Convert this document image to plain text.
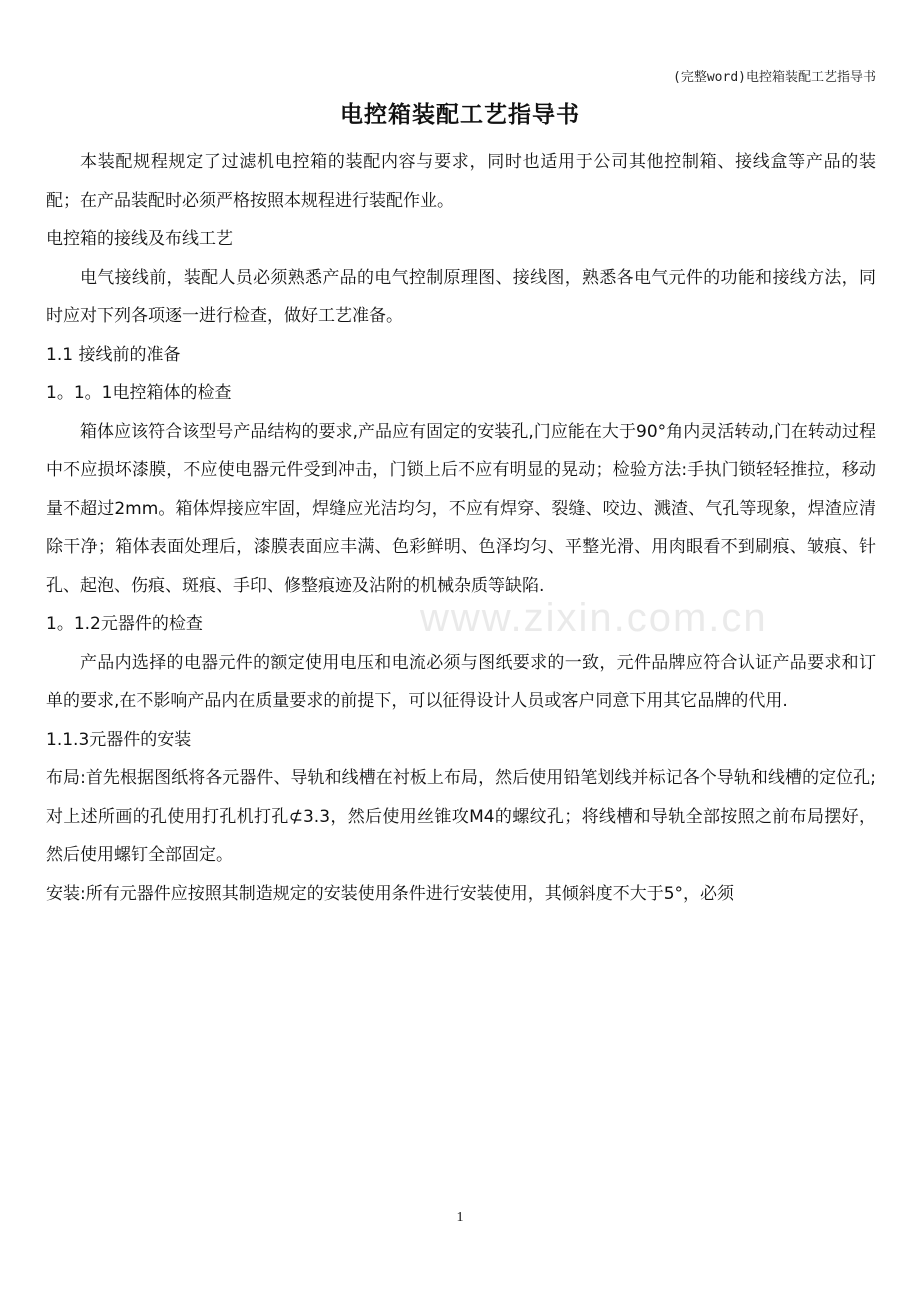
(完整word)电控箱装配工艺指导书
电控箱装配工艺指导书

本装配规程规定了过滤机电控箱的装配内容与要求，同时也适用于公司其他控制箱、接线盒等产品的装配；在产品装配时必须严格按照本规程进行装配作业。

电控箱的接线及布线工艺

电气接线前，装配人员必须熟悉产品的电气控制原理图、接线图，熟悉各电气元件的功能和接线方法，同时应对下列各项逐一进行检查，做好工艺准备。

1.1 接线前的准备

1。1。1电控箱体的检查

箱体应该符合该型号产品结构的要求,产品应有固定的安装孔,门应能在大于90°角内灵活转动,门在转动过程中不应损坏漆膜，不应使电器元件受到冲击，门锁上后不应有明显的晃动；检验方法:手执门锁轻轻推拉，移动量不超过2mm。箱体焊接应牢固，焊缝应光洁均匀，不应有焊穿、裂缝、咬边、溅渣、气孔等现象，焊渣应清除干净；箱体表面处理后，漆膜表面应丰满、色彩鲜明、色泽均匀、平整光滑、用肉眼看不到刷痕、皱痕、针孔、起泡、伤痕、斑痕、手印、修整痕迹及沾附的机械杂质等缺陷.

1。1.2元器件的检查

产品内选择的电器元件的额定使用电压和电流必须与图纸要求的一致，元件品牌应符合认证产品要求和订单的要求,在不影响产品内在质量要求的前提下，可以征得设计人员或客户同意下用其它品牌的代用.

1.1.3元器件的安装

布局:首先根据图纸将各元器件、导轨和线槽在衬板上布局，然后使用铅笔划线并标记各个导轨和线槽的定位孔;对上述所画的孔使用打孔机打孔⊄3.3，然后使用丝锥攻M4的螺纹孔；将线槽和导轨全部按照之前布局摆好，然后使用螺钉全部固定。

安装:所有元器件应按照其制造规定的安装使用条件进行安装使用，其倾斜度不大于5°，必须

www.zixin.com.cn
1
